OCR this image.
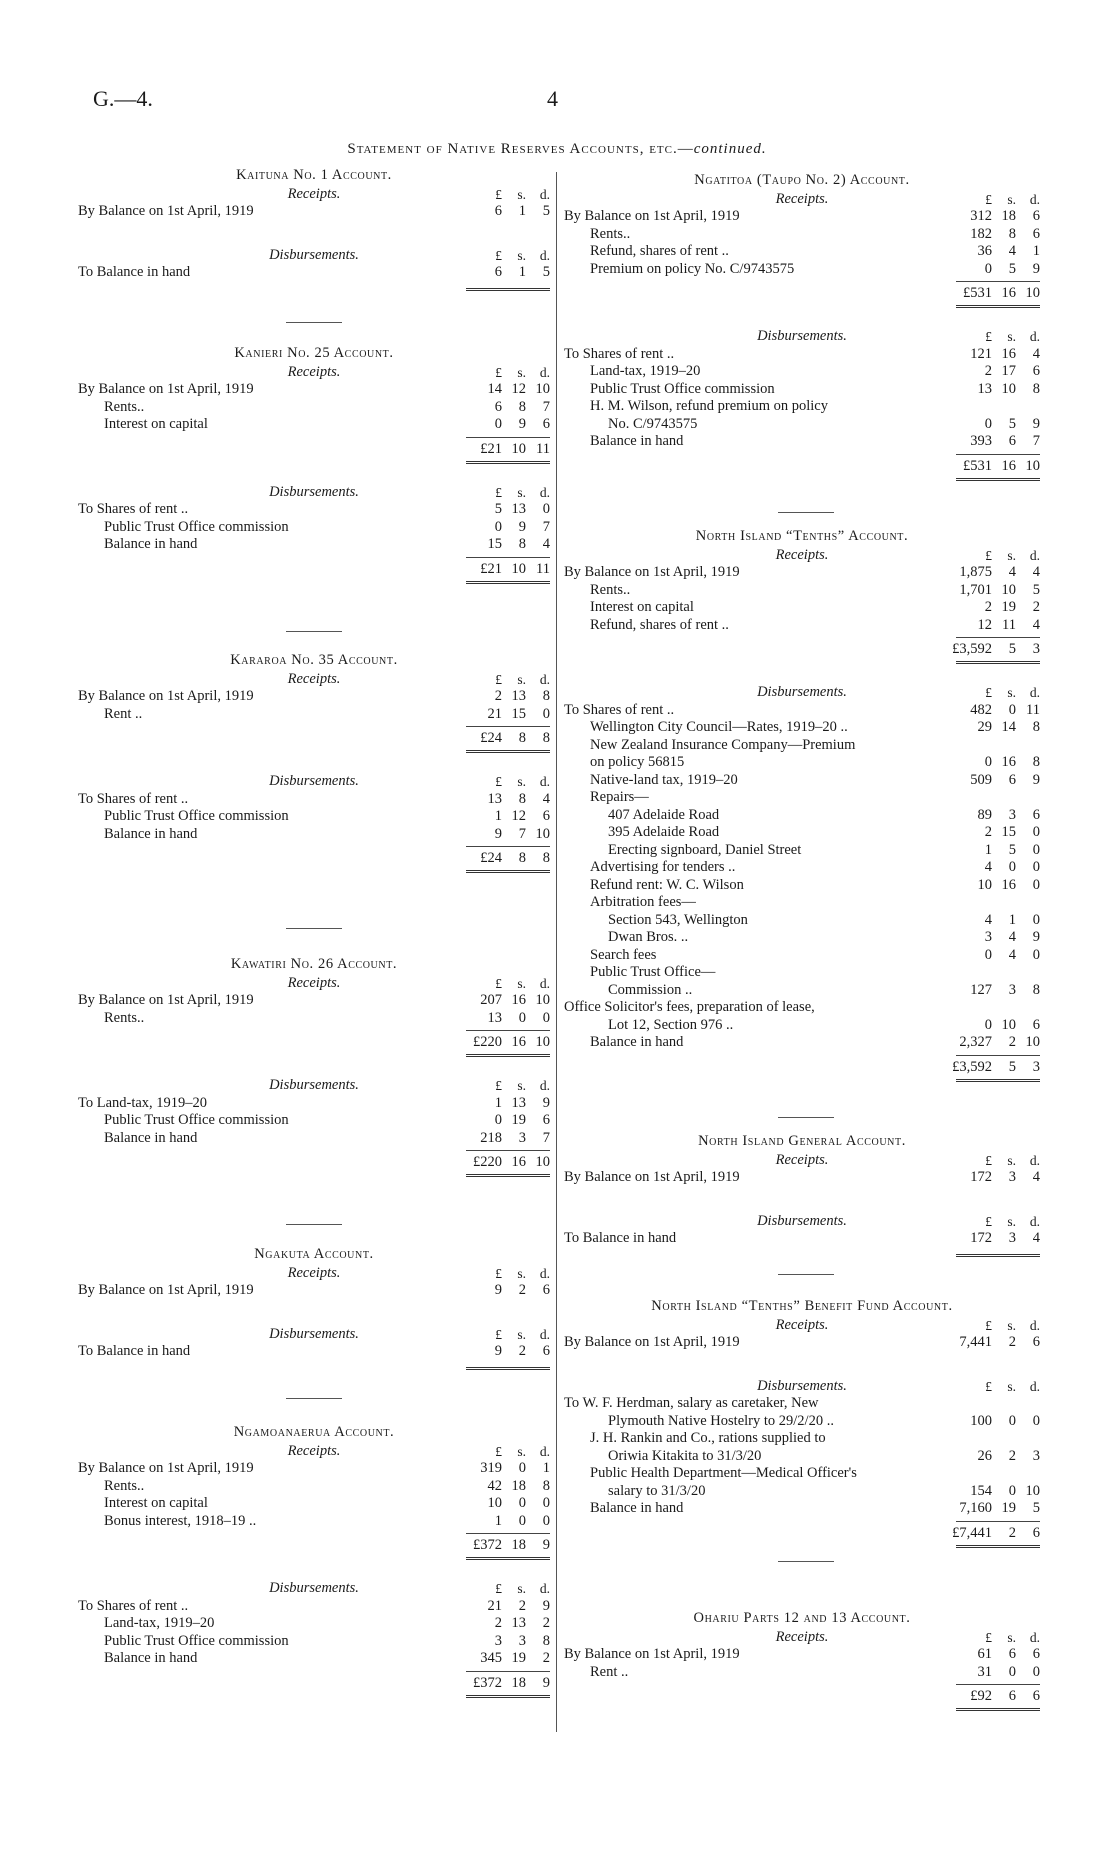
G.—4.	4
Statement of Native Reserves Accounts, etc.—continued.
Kaituna No. 1 Account.
Receipts.	£	s.	d.
By Balance on 1st April, 1919	6	1	5
Disbursements.	£	s.	d.
To Balance in hand	6	1	5
Kanieri No. 25 Account.
Receipts.	£	s.	d.
By Balance on 1st April, 1919	14 12 10
Rents..	6	8	7
Interest on capital	0	9	6
£21 10 11
Disbursements.	£	s.	d.
To Shares of rent ..	5 13	0
Public Trust Office commission	0	9	7
Balance in hand	15	8	4
£21 10 11
Kararoa No. 35 Account.
Receipts.	£	s.	d.
By Balance on 1st April, 1919	2 13	8
Rent ..	21 15	0
£24	8	8
Disbursements.	£	s.	d.
To Shares of rent ..	13	8	4
Public Trust Office commission	1 12	6
Balance in hand	9	7 10
£24	8	8
Kawatiri No. 26 Account.
Receipts.	£	s.	d.
By Balance on 1st April, 1919	207 16 10
Rents..	13	0	0
£220 16 10
Disbursements.	£	s.	d.
To Land-tax, 1919–20	1 13	9
Public Trust Office commission	0 19	6
Balance in hand	218	3	7
£220 16 10
Ngakuta Account.
Receipts.	£	s.	d.
By Balance on 1st April, 1919	9	2	6
Disbursements.	£	s.	d.
To Balance in hand	9	2	6
Ngamoanaerua Account.
Receipts.	£	s.	d.
By Balance on 1st April, 1919	319	0	1
Rents..	42 18	8
Interest on capital	10	0	0
Bonus interest, 1918–19 ..	1	0	0
£372 18	9
Disbursements.	£	s.	d.
To Shares of rent ..	21	2	9
Land-tax, 1919–20	2 13	2
Public Trust Office commission	3	3	8
Balance in hand	345 19	2
£372 18	9
Ngatitoa (Taupo No. 2) Account.
Receipts.	£	s.	d.
By Balance on 1st April, 1919	312 18	6
Rents..	182	8	6
Refund, shares of rent ..	36	4	1
Premium on policy No. C/9743575	0	5	9
£531 16 10
Disbursements.	£	s.	d.
To Shares of rent ..	121 16	4
Land-tax, 1919–20	2 17	6
Public Trust Office commission	13 10	8
H. M. Wilson, refund premium on policy
No. C/9743575	0	5	9
Balance in hand	393	6	7
£531 16 10
North Island “Tenths” Account.
Receipts.	£	s.	d.
By Balance on 1st April, 1919	1,875	4	4
Rents..	1,701 10	5
Interest on capital	2 19	2
Refund, shares of rent ..	12 11	4
£3,592	5	3
Disbursements.	£	s.	d.
To Shares of rent ..	482	0 11
Wellington City Council—Rates, 1919–20 ..	29 14	8
New Zealand Insurance Company—Premium
on policy 56815	0 16	8
Native-land tax, 1919–20	509	6	9
Repairs—
407 Adelaide Road	89	3	6
395 Adelaide Road	2 15	0
Erecting signboard, Daniel Street	1	5	0
Advertising for tenders ..	4	0	0
Refund rent: W. C. Wilson	10 16	0
Arbitration fees—
Section 543, Wellington	4	1	0
Dwan Bros. ..	3	4	9
Search fees	0	4	0
Public Trust Office—
Commission ..	127	3	8
Office Solicitor's fees, preparation of lease,
Lot 12, Section 976 ..	0 10	6
Balance in hand	2,327	2 10
£3,592	5	3
North Island General Account.
Receipts.	£	s.	d.
By Balance on 1st April, 1919	172	3	4
Disbursements.	£	s.	d.
To Balance in hand	172	3	4
North Island “Tenths” Benefit Fund Account.
Receipts.	£	s.	d.
By Balance on 1st April, 1919	7,441	2	6
Disbursements.	£	s.	d.
To W. F. Herdman, salary as caretaker, New
Plymouth Native Hostelry to 29/2/20 ..	100	0	0
J. H. Rankin and Co., rations supplied to
Oriwia Kitakita to 31/3/20	26	2	3
Public Health Department—Medical Officer's
salary to 31/3/20	154	0 10
Balance in hand	7,160 19	5
£7,441	2	6
Ohariu Parts 12 and 13 Account.
Receipts.	£	s.	d.
By Balance on 1st April, 1919	61	6	6
Rent ..	31	0	0
£92	6	6
